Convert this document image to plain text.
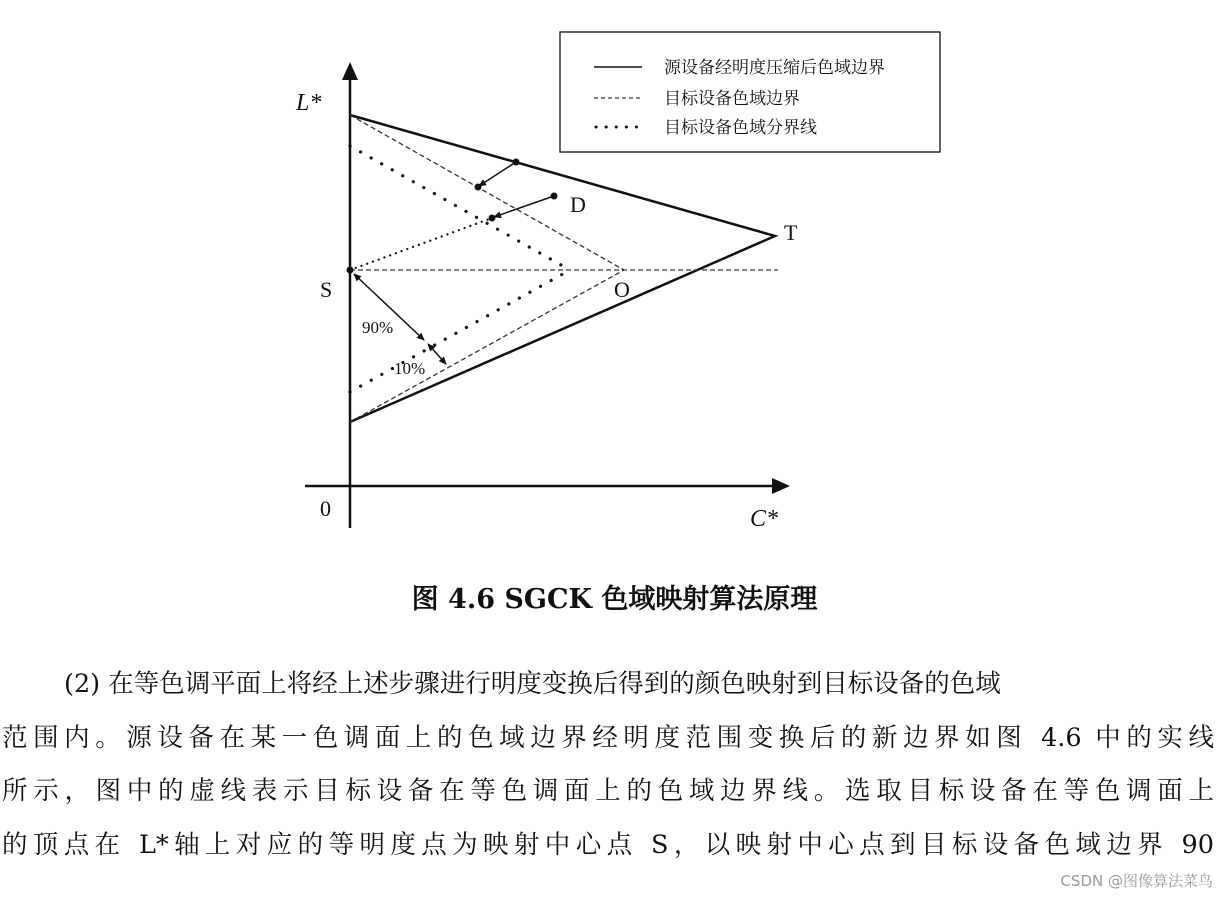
L*
C*
0
S	O
T
D
90%
10%
源设备经明度压缩后色域边界
目标设备色域边界
目标设备色域分界线
图 4.6 SGCK 色域映射算法原理
(2) 在等色调平面上将经上述步骤进行明度变换后得到的颜色映射到目标设备的色域
范围内。源设备在某一色调面上的色域边界经明度范围变换后的新边界如图 4.6 中的实线
所示，图中的虚线表示目标设备在等色调面上的色域边界线。选取目标设备在等色调面上
的顶点在 L*轴上对应的等明度点为映射中心点 S，以映射中心点到目标设备色域边界 90
CSDN @图像算法菜鸟
